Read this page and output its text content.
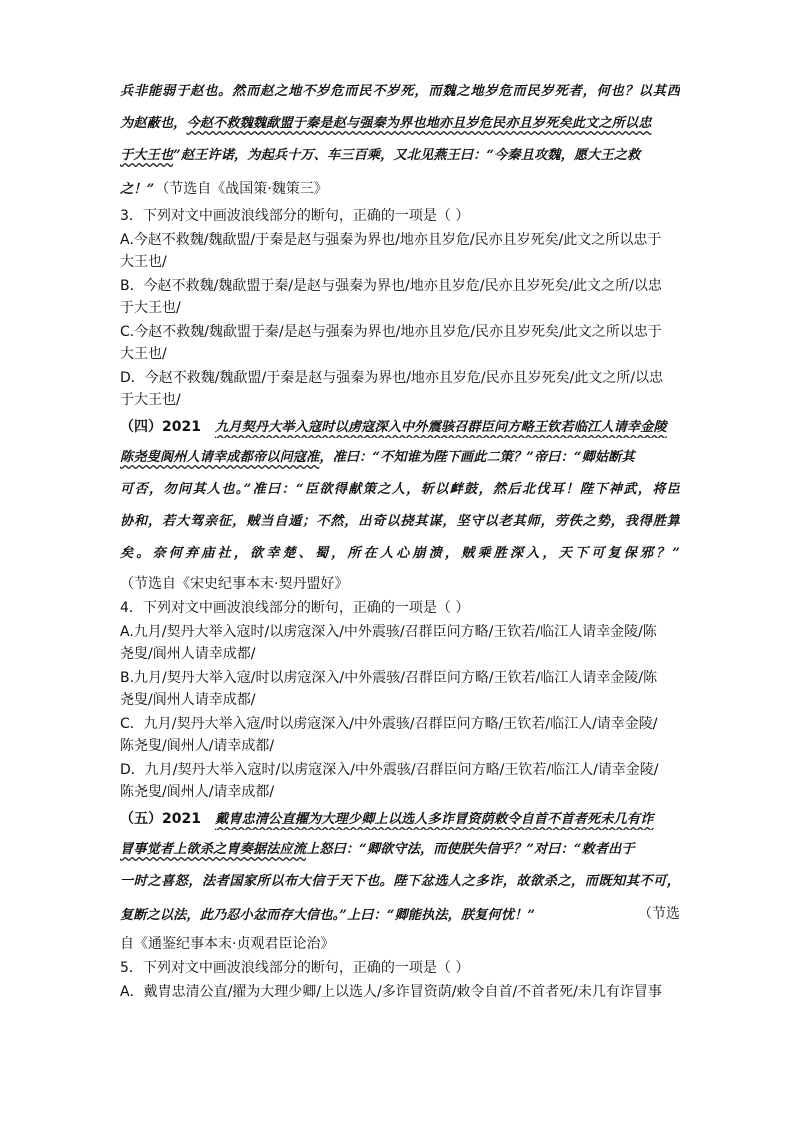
兵非能弱于赵也。然而赵之地不岁危而民不岁死，而魏之地岁危而民岁死者，何也？以其西
为赵蔽也，今赵不救魏魏歃盟于秦是赵与强秦为界也地亦且岁危民亦且岁死矣此文之所以忠
于大王也”赵王许诺，为起兵十万、车三百乘，又北见燕王曰：“今秦且攻魏，愿大王之救
之！” （节选自《战国策·魏策三》
3．下列对文中画波浪线部分的断句，正确的一项是（ ）
A.今赵不救魏/魏歃盟/于秦是赵与强秦为界也/地亦且岁危/民亦且岁死矣/此文之所以忠于
大王也/
B．今赵不救魏/魏歃盟于秦/是赵与强秦为界也/地亦且岁危/民亦且岁死矣/此文之所/以忠
于大王也/
C.今赵不救魏/魏歃盟于秦/是赵与强秦为界也/地亦且岁危/民亦且岁死矣/此文之所以忠于
大王也/
D．今赵不救魏/魏歃盟/于秦是赵与强秦为界也/地亦且岁危/民亦且岁死矣/此文之所/以忠
于大王也/
（四）2021 九月契丹大举入寇时以虏寇深入中外震骇召群臣问方略王钦若临江人请幸金陵
陈尧叟阆州人请幸成都帝以问寇准，准曰：“不知谁为陛下画此二策？”帝曰：“卿姑断其
可否，勿问其人也。”准曰：“臣欲得献策之人，斩以衅鼓，然后北伐耳！陛下神武，将臣
协和，若大驾亲征，贼当自遁；不然，出奇以挠其谋，坚守以老其师，劳佚之势，我得胜算
矣。奈何弃庙社，欲幸楚、蜀，所在人心崩溃，贼乘胜深入，天下可复保邪？”
（节选自《宋史纪事本末·契丹盟好》
4．下列对文中画波浪线部分的断句，正确的一项是（ ）
A.九月/契丹大举入寇时/以虏寇深入/中外震骇/召群臣问方略/王钦若/临江人请幸金陵/陈
尧叟/阆州人请幸成都/
B.九月/契丹大举入寇/时以虏寇深入/中外震骇/召群臣问方略/王钦若/临江人请幸金陵/陈
尧叟/阆州人请幸成都/
C．九月/契丹大举入寇/时以虏寇深入/中外震骇/召群臣问方略/王钦若/临江人/请幸金陵/
陈尧叟/阆州人/请幸成都/
D．九月/契丹大举入寇时/以虏寇深入/中外震骇/召群臣问方略/王钦若/临江人/请幸金陵/
陈尧叟/阆州人/请幸成都/
（五）2021 戴胄忠清公直擢为大理少卿上以选人多诈冒资荫敕令自首不首者死未几有诈
冒事觉者上欲杀之胄奏据法应流上怒曰：“卿欲守法，而使朕失信乎？”对曰：“敕者出于
一时之喜怒，法者国家所以布大信于天下也。陛下忿选人之多诈，故欲杀之，而既知其不可，
复断之以法，此乃忍小忿而存大信也。”上曰：“卿能执法，朕复何忧！”	（节选
自《通鉴纪事本末·贞观君臣论治》
5．下列对文中画波浪线部分的断句，正确的一项是（ ）
A．戴胄忠清公直/擢为大理少卿/上以选人/多诈冒资荫/敕令自首/不首者死/未几有诈冒事
